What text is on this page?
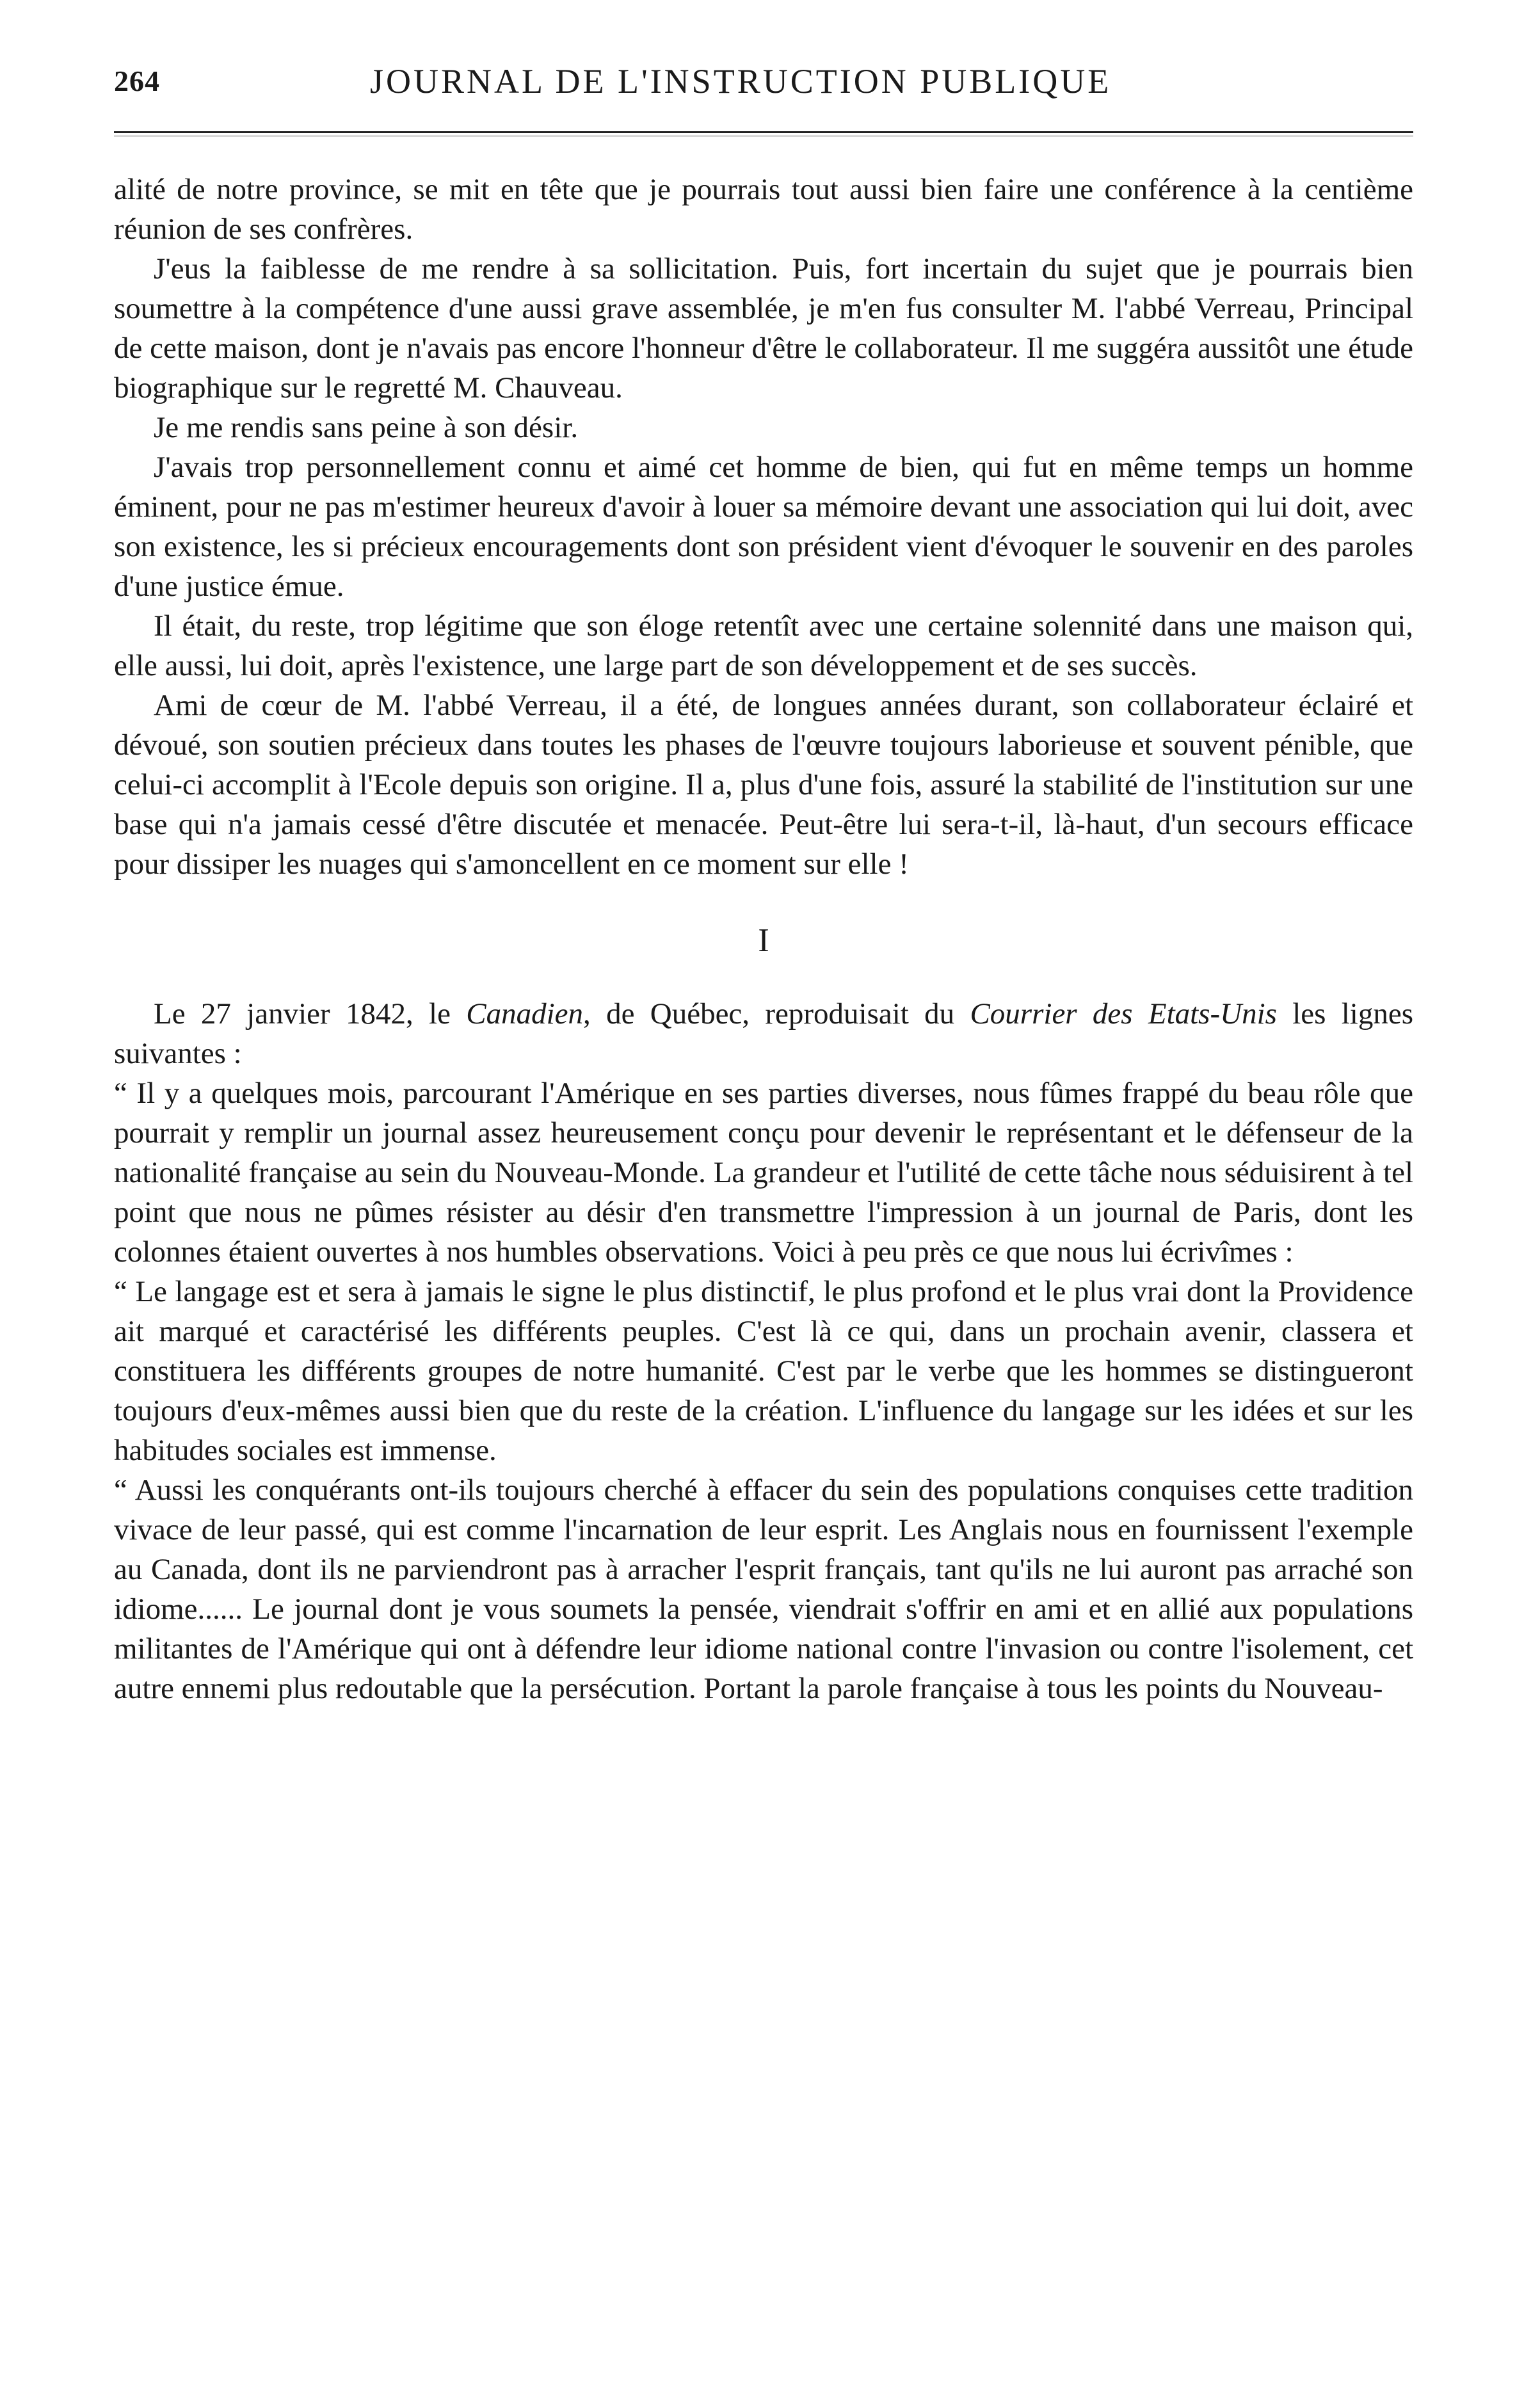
264	JOURNAL DE L'INSTRUCTION PUBLIQUE

alité de notre province, se mit en tête que je pourrais tout aussi bien faire une conférence à la centième réunion de ses confrères.

J'eus la faiblesse de me rendre à sa sollicitation. Puis, fort incertain du sujet que je pourrais bien soumettre à la compétence d'une aussi grave assemblée, je m'en fus consulter M. l'abbé Verreau, Principal de cette maison, dont je n'avais pas encore l'honneur d'être le collaborateur. Il me suggéra aussitôt une étude biographique sur le regretté M. Chauveau.

Je me rendis sans peine à son désir.

J'avais trop personnellement connu et aimé cet homme de bien, qui fut en même temps un homme éminent, pour ne pas m'estimer heureux d'avoir à louer sa mémoire devant une association qui lui doit, avec son existence, les si précieux encouragements dont son président vient d'évoquer le souvenir en des paroles d'une justice émue.

Il était, du reste, trop légitime que son éloge retentît avec une certaine solennité dans une maison qui, elle aussi, lui doit, après l'existence, une large part de son développement et de ses succès.

Ami de cœur de M. l'abbé Verreau, il a été, de longues années durant, son collaborateur éclairé et dévoué, son soutien précieux dans toutes les phases de l'œuvre toujours laborieuse et souvent pénible, que celui-ci accomplit à l'Ecole depuis son origine. Il a, plus d'une fois, assuré la stabilité de l'institution sur une base qui n'a jamais cessé d'être discutée et menacée. Peut-être lui sera-t-il, là-haut, d'un secours efficace pour dissiper les nuages qui s'amoncellent en ce moment sur elle !

I

Le 27 janvier 1842, le Canadien, de Québec, reproduisait du Courrier des Etats-Unis les lignes suivantes :

“ Il y a quelques mois, parcourant l'Amérique en ses parties diverses, nous fûmes frappé du beau rôle que pourrait y remplir un journal assez heureusement conçu pour devenir le représentant et le défenseur de la nationalité française au sein du Nouveau-Monde. La grandeur et l'utilité de cette tâche nous séduisirent à tel point que nous ne pûmes résister au désir d'en transmettre l'impression à un journal de Paris, dont les colonnes étaient ouvertes à nos humbles observations. Voici à peu près ce que nous lui écrivîmes :

“ Le langage est et sera à jamais le signe le plus distinctif, le plus profond et le plus vrai dont la Providence ait marqué et caractérisé les différents peuples. C'est là ce qui, dans un prochain avenir, classera et constituera les différents groupes de notre humanité. C'est par le verbe que les hommes se distingueront toujours d'eux-mêmes aussi bien que du reste de la création. L'influence du langage sur les idées et sur les habitudes sociales est immense.

“ Aussi les conquérants ont-ils toujours cherché à effacer du sein des populations conquises cette tradition vivace de leur passé, qui est comme l'incarnation de leur esprit. Les Anglais nous en fournissent l'exemple au Canada, dont ils ne parviendront pas à arracher l'esprit français, tant qu'ils ne lui auront pas arraché son idiome...... Le journal dont je vous soumets la pensée, viendrait s'offrir en ami et en allié aux populations militantes de l'Amérique qui ont à défendre leur idiome national contre l'invasion ou contre l'isolement, cet autre ennemi plus redoutable que la persécution. Portant la parole française à tous les points du Nouveau-
